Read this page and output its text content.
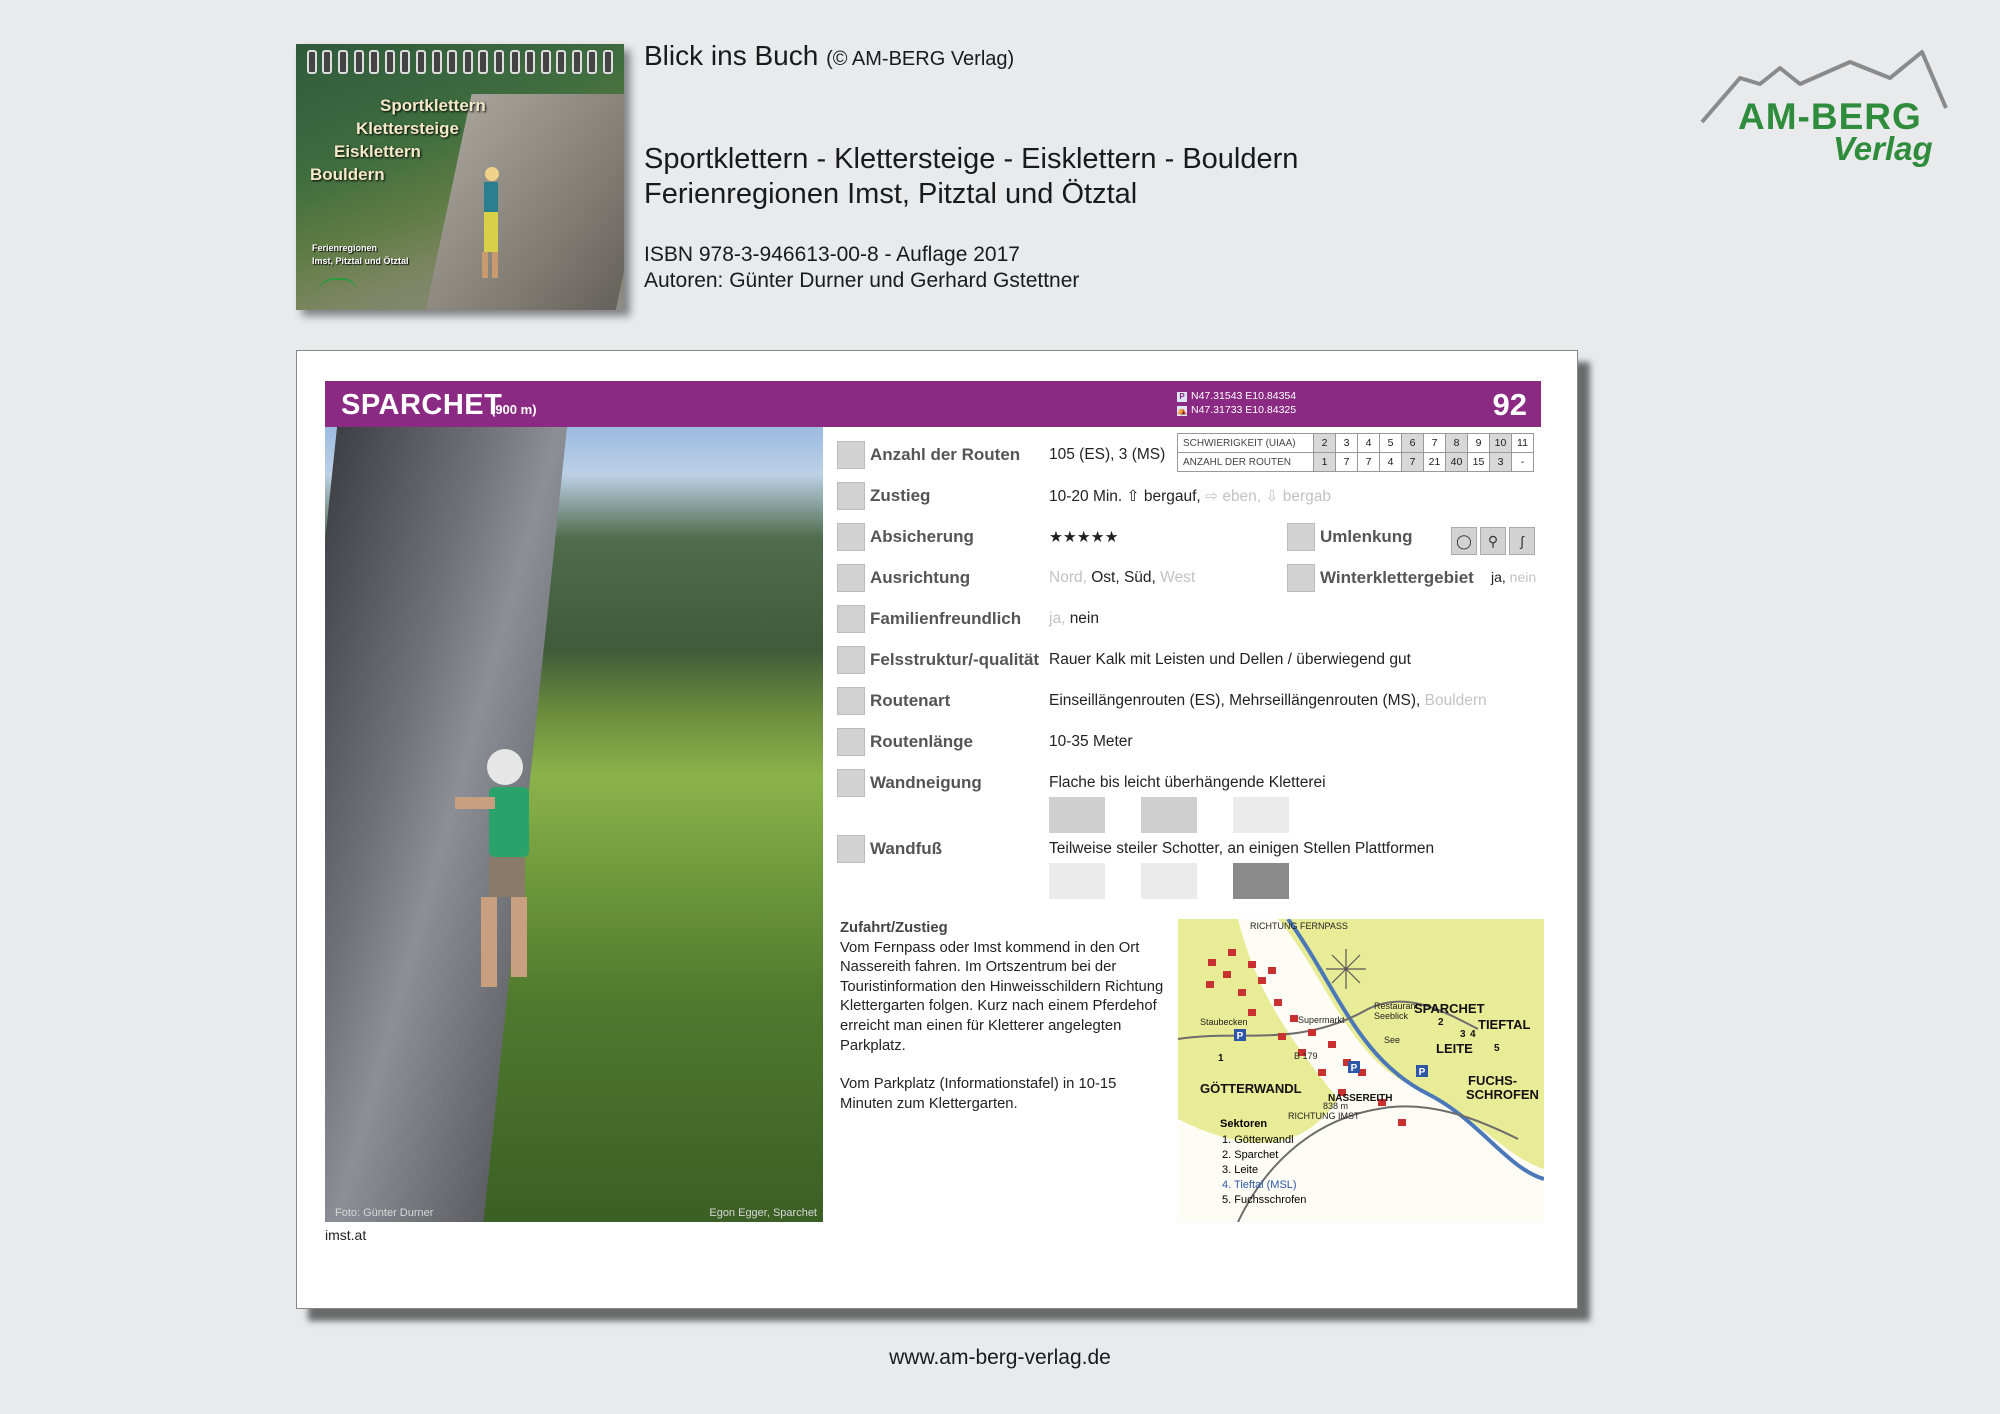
Sportklettern
Klettersteige
Eisklettern
Bouldern
Ferienregionen
Imst, Pitztal und Ötztal
Blick ins Buch (© AM-BERG Verlag)
Sportklettern - Klettersteige - Eisklettern - Bouldern
Ferienregionen Imst, Pitztal und Ötztal
ISBN 978-3-946613-00-8 - Auflage 2017
Autoren: Günter Durner und Gerhard Gstettner
AM-BERG
Verlag
SPARCHET
(900 m)
P N47.31543 E10.84354
⛺ N47.31733 E10.84325	92
Foto: Günter Durner	Egon Egger, Sparchet
imst.at
SCHWIERIGKEIT (UIAA)	2	3	4	5	6	7	8	9	10	11
ANZAHL DER ROUTEN	1	7	7	4	7	21	40	15	3	-
Anzahl der Routen 105 (ES), 3 (MS)
Zustieg	10-20 Min. ⇧ bergauf, ⇨ eben, ⇩ bergab
Absicherung	★★★★★
Ausrichtung	Nord, Ost, Süd, West
Familienfreundlich ja, nein
Felsstruktur/-qualität Rauer Kalk mit Leisten und Dellen / überwiegend gut
Routenart	Einseillängenrouten (ES), Mehrseillängenrouten (MS), Bouldern
Routenlänge	10-35 Meter
Wandneigung	Flache bis leicht überhängende Kletterei
Wandfuß	Teilweise steiler Schotter, an einigen Stellen Plattformen
Umlenkung	◯ ⚲ ʃ
Winterklettergebiet ja, nein
Zufahrt/Zustieg

Vom Fernpass oder Imst kommend in den Ort Nassereith fahren. Im Ortszentrum bei der Touristinformation den Hinweisschildern Richtung Klettergarten folgen. Kurz nach einem Pferdehof erreicht man einen für Kletterer angelegten Parkplatz.

Vom Parkplatz (Informationstafel) in 10-15 Minuten zum Klettergarten.

P
P	P
RICHTUNG FERNPASS
Restaurant
Seeblick
Staubecken	Supermarkt
See
RICHTUNG IMST
838 m
B 179
SPARCHET
TIEFTAL
LEITE
FUCHS-
SCHROFEN
GÖTTERWANDL
NASSEREITH
1
2
3 4
5
Sektoren
1. Götterwandl
2. Sparchet
3. Leite
4. Tieftal (MSL)
5. Fuchsschrofen
www.am-berg-verlag.de
